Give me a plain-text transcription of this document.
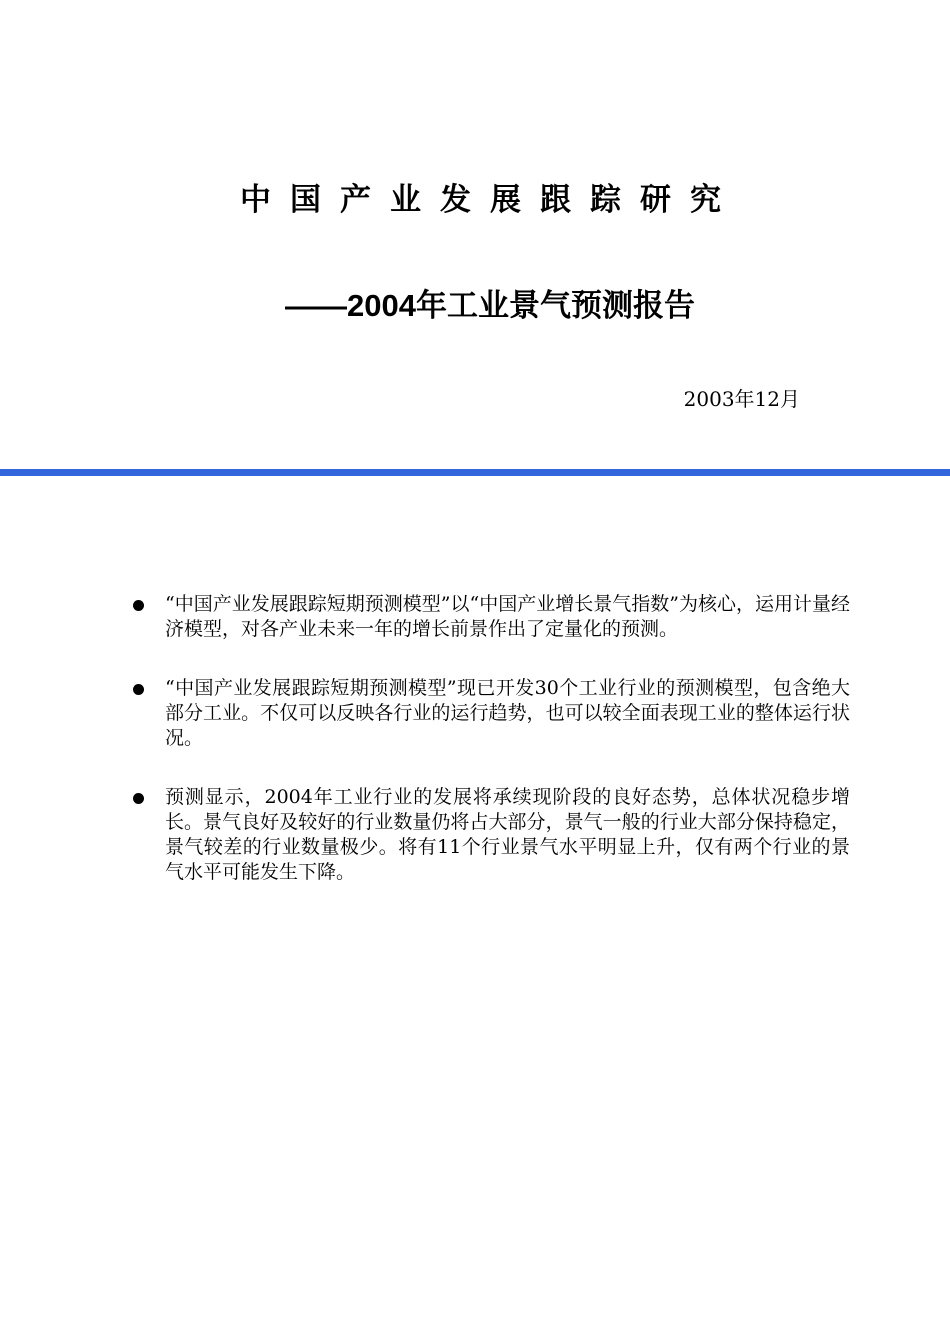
中国产业发展跟踪研究
——2004年工业景气预测报告
2003年12月
“中国产业发展跟踪短期预测模型”以“中国产业增长景气指数”为核心，运用计量经济模型，对各产业未来一年的增长前景作出了定量化的预测。
“中国产业发展跟踪短期预测模型”现已开发30个工业行业的预测模型，包含绝大部分工业。不仅可以反映各行业的运行趋势，也可以较全面表现工业的整体运行状况。
预测显示，2004年工业行业的发展将承续现阶段的良好态势，总体状况稳步增长。景气良好及较好的行业数量仍将占大部分，景气一般的行业大部分保持稳定，景气较差的行业数量极少。将有11个行业景气水平明显上升，仅有两个行业的景气水平可能发生下降。
